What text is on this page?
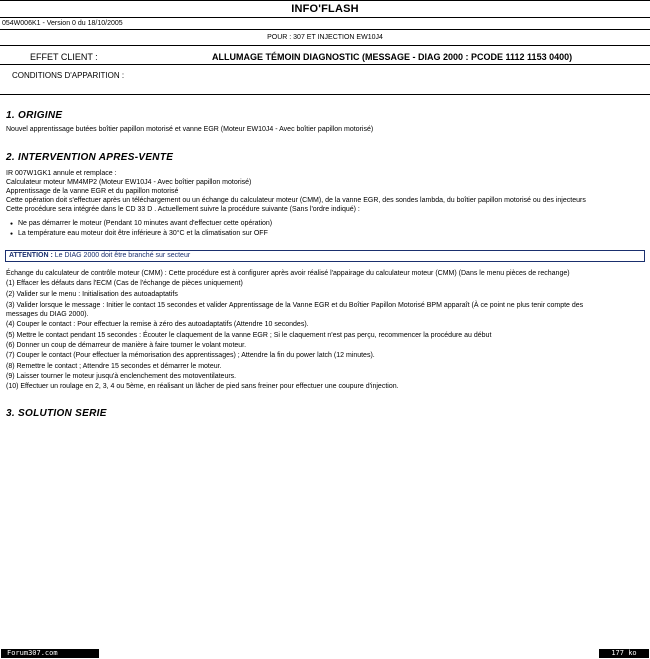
INFO'FLASH
054W006K1 - Version 0 du 18/10/2005
POUR : 307 ET INJECTION EW10J4
EFFET CLIENT :	ALLUMAGE TÉMOIN DIAGNOSTIC (MESSAGE - DIAG 2000 : PCODE 1112 1153 0400)
CONDITIONS D'APPARITION :
1. ORIGINE
Nouvel apprentissage butées boîtier papillon motorisé et vanne EGR (Moteur EW10J4 - Avec boîtier papillon motorisé)
2. INTERVENTION APRES-VENTE
IR 007W1GK1 annule et remplace :
Calculateur moteur MM4MP2 (Moteur EW10J4 - Avec boîtier papillon motorisé)
Apprentissage de la vanne EGR et du papillon motorisé
Cette opération doit s'effectuer après un téléchargement ou un échange du calculateur moteur (CMM), de la vanne EGR, des sondes lambda, du boîtier papillon motorisé ou des injecteurs
Cette procédure sera intégrée dans le CD 33 D . Actuellement suivre la procédure suivante (Sans l'ordre indiqué) :
● Ne pas démarrer le moteur (Pendant 10 minutes avant d'effectuer cette opération)
● La température eau moteur doit être inférieure à 30°C et la climatisation sur OFF
ATTENTION : Le DIAG 2000 doit être branché sur secteur
Échange du calculateur de contrôle moteur (CMM) : Cette procédure est à configurer après avoir réalisé l'appairage du calculateur moteur (CMM) (Dans le menu pièces de rechange)
(1) Effacer les défauts dans l'ECM (Cas de l'échange de pièces uniquement)
(2) Valider sur le menu : Initialisation des autoadaptatifs
(3) Valider lorsque le message : Initier le contact 15 secondes et valider Apprentissage de la Vanne EGR et du Boîtier Papillon Motorisé BPM apparaît (À ce point ne plus tenir compte des
messages du DIAG 2000).
(4) Couper le contact : Pour effectuer la remise à zéro des autoadaptatifs (Attendre 10 secondes).
(5) Mettre le contact pendant 15 secondes : Écouter le claquement de la vanne EGR ; Si le claquement n'est pas perçu, recommencer la procédure au début
(6) Donner un coup de démarreur de manière à faire tourner le volant moteur.
(7) Couper le contact (Pour effectuer la mémorisation des apprentissages) ; Attendre la fin du power latch (12 minutes).
(8) Remettre le contact ; Attendre 15 secondes et démarrer le moteur.
(9) Laisser tourner le moteur jusqu'à enclenchement des motoventilateurs.
(10) Effectuer un roulage en 2, 3, 4 ou 5ème, en réalisant un lâcher de pied sans freiner pour effectuer une coupure d'injection.
3. SOLUTION SERIE
Forum307.com	177 ko
